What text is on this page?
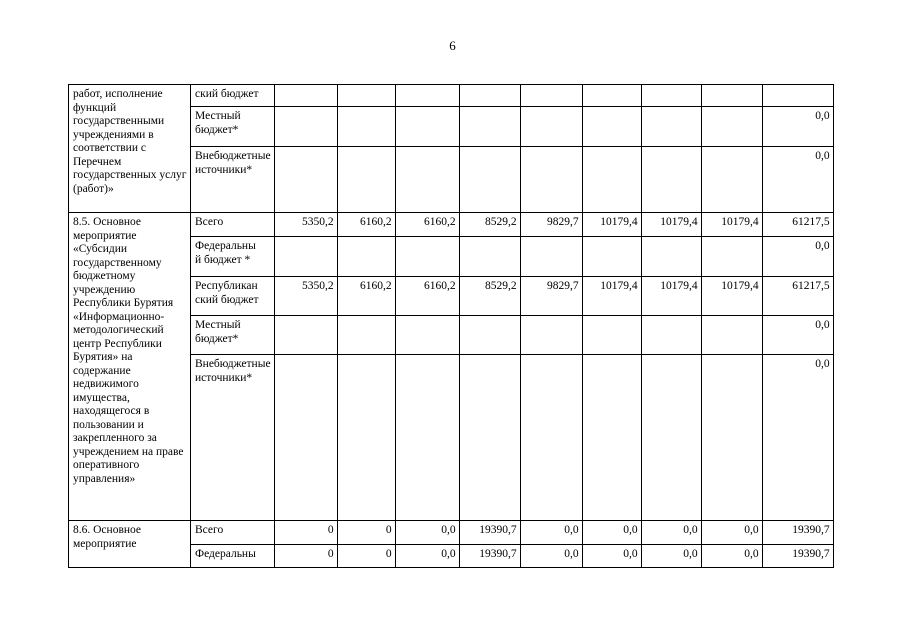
6
работ, исполнение функций государственными учреждениями в соответствии с Перечнем государственных услуг (работ)»	ский бюджет									
	Местный
бюджет*									0,0
	Внебюджетные источники*									0,0
8.5. Основное мероприятие «Субсидии государственному бюджетному учреждению Республики Бурятия «Информационно-методологический центр Республики Бурятия» на содержание недвижимого имущества, находящегося в пользовании и закрепленного за учреждением на праве оперативного управления»	Всего	5350,2	6160,2	6160,2	8529,2	9829,7	10179,4	10179,4	10179,4	61217,5
	Федеральны
й бюджет *									0,0
	Республикан
ский бюджет	5350,2	6160,2	6160,2	8529,2	9829,7	10179,4	10179,4	10179,4	61217,5
	Местный
бюджет*									0,0
	Внебюджетные источники*									0,0
8.6. Основное мероприятие	Всего	0	0	0,0	19390,7	0,0	0,0	0,0	0,0	19390,7
	Федеральны	0	0	0,0	19390,7	0,0	0,0	0,0	0,0	19390,7
